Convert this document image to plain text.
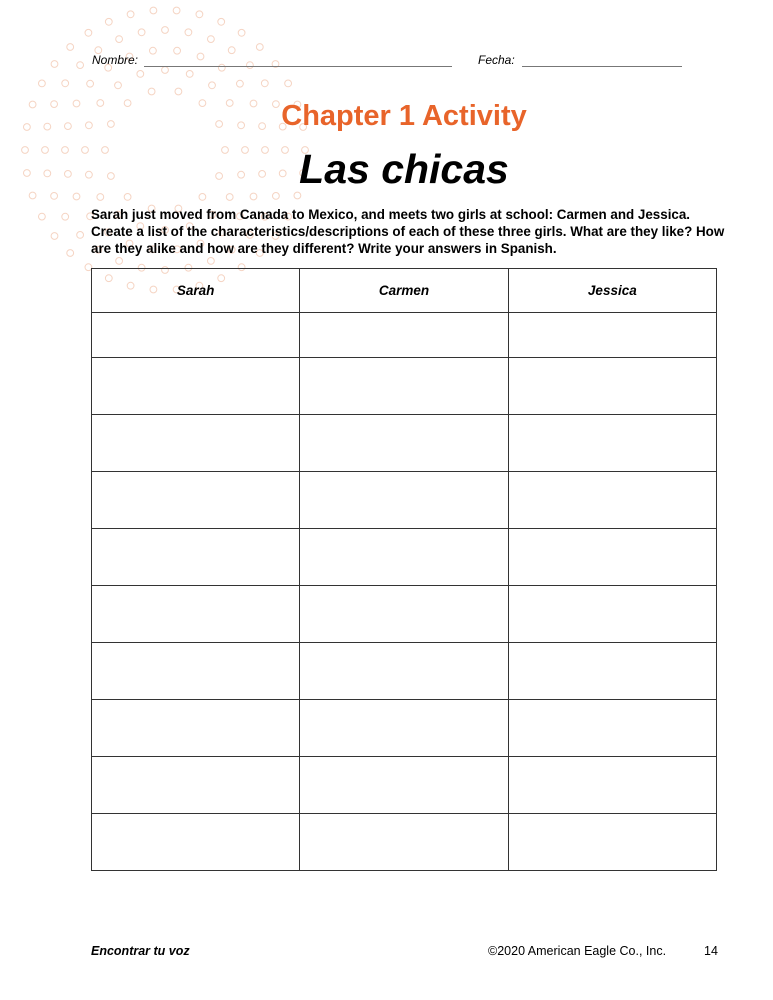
Nombre:	Fecha:
Chapter 1 Activity
Las chicas
Sarah just moved from Canada to Mexico, and meets two girls at school: Carmen and Jessica. Create a list of the characteristics/descriptions of each of these three girls. What are they like? How are they alike and how are they different? Write your answers in Spanish.
Sarah	Carmen	Jessica

Encontrar tu voz	©2020 American Eagle Co., Inc.	14
